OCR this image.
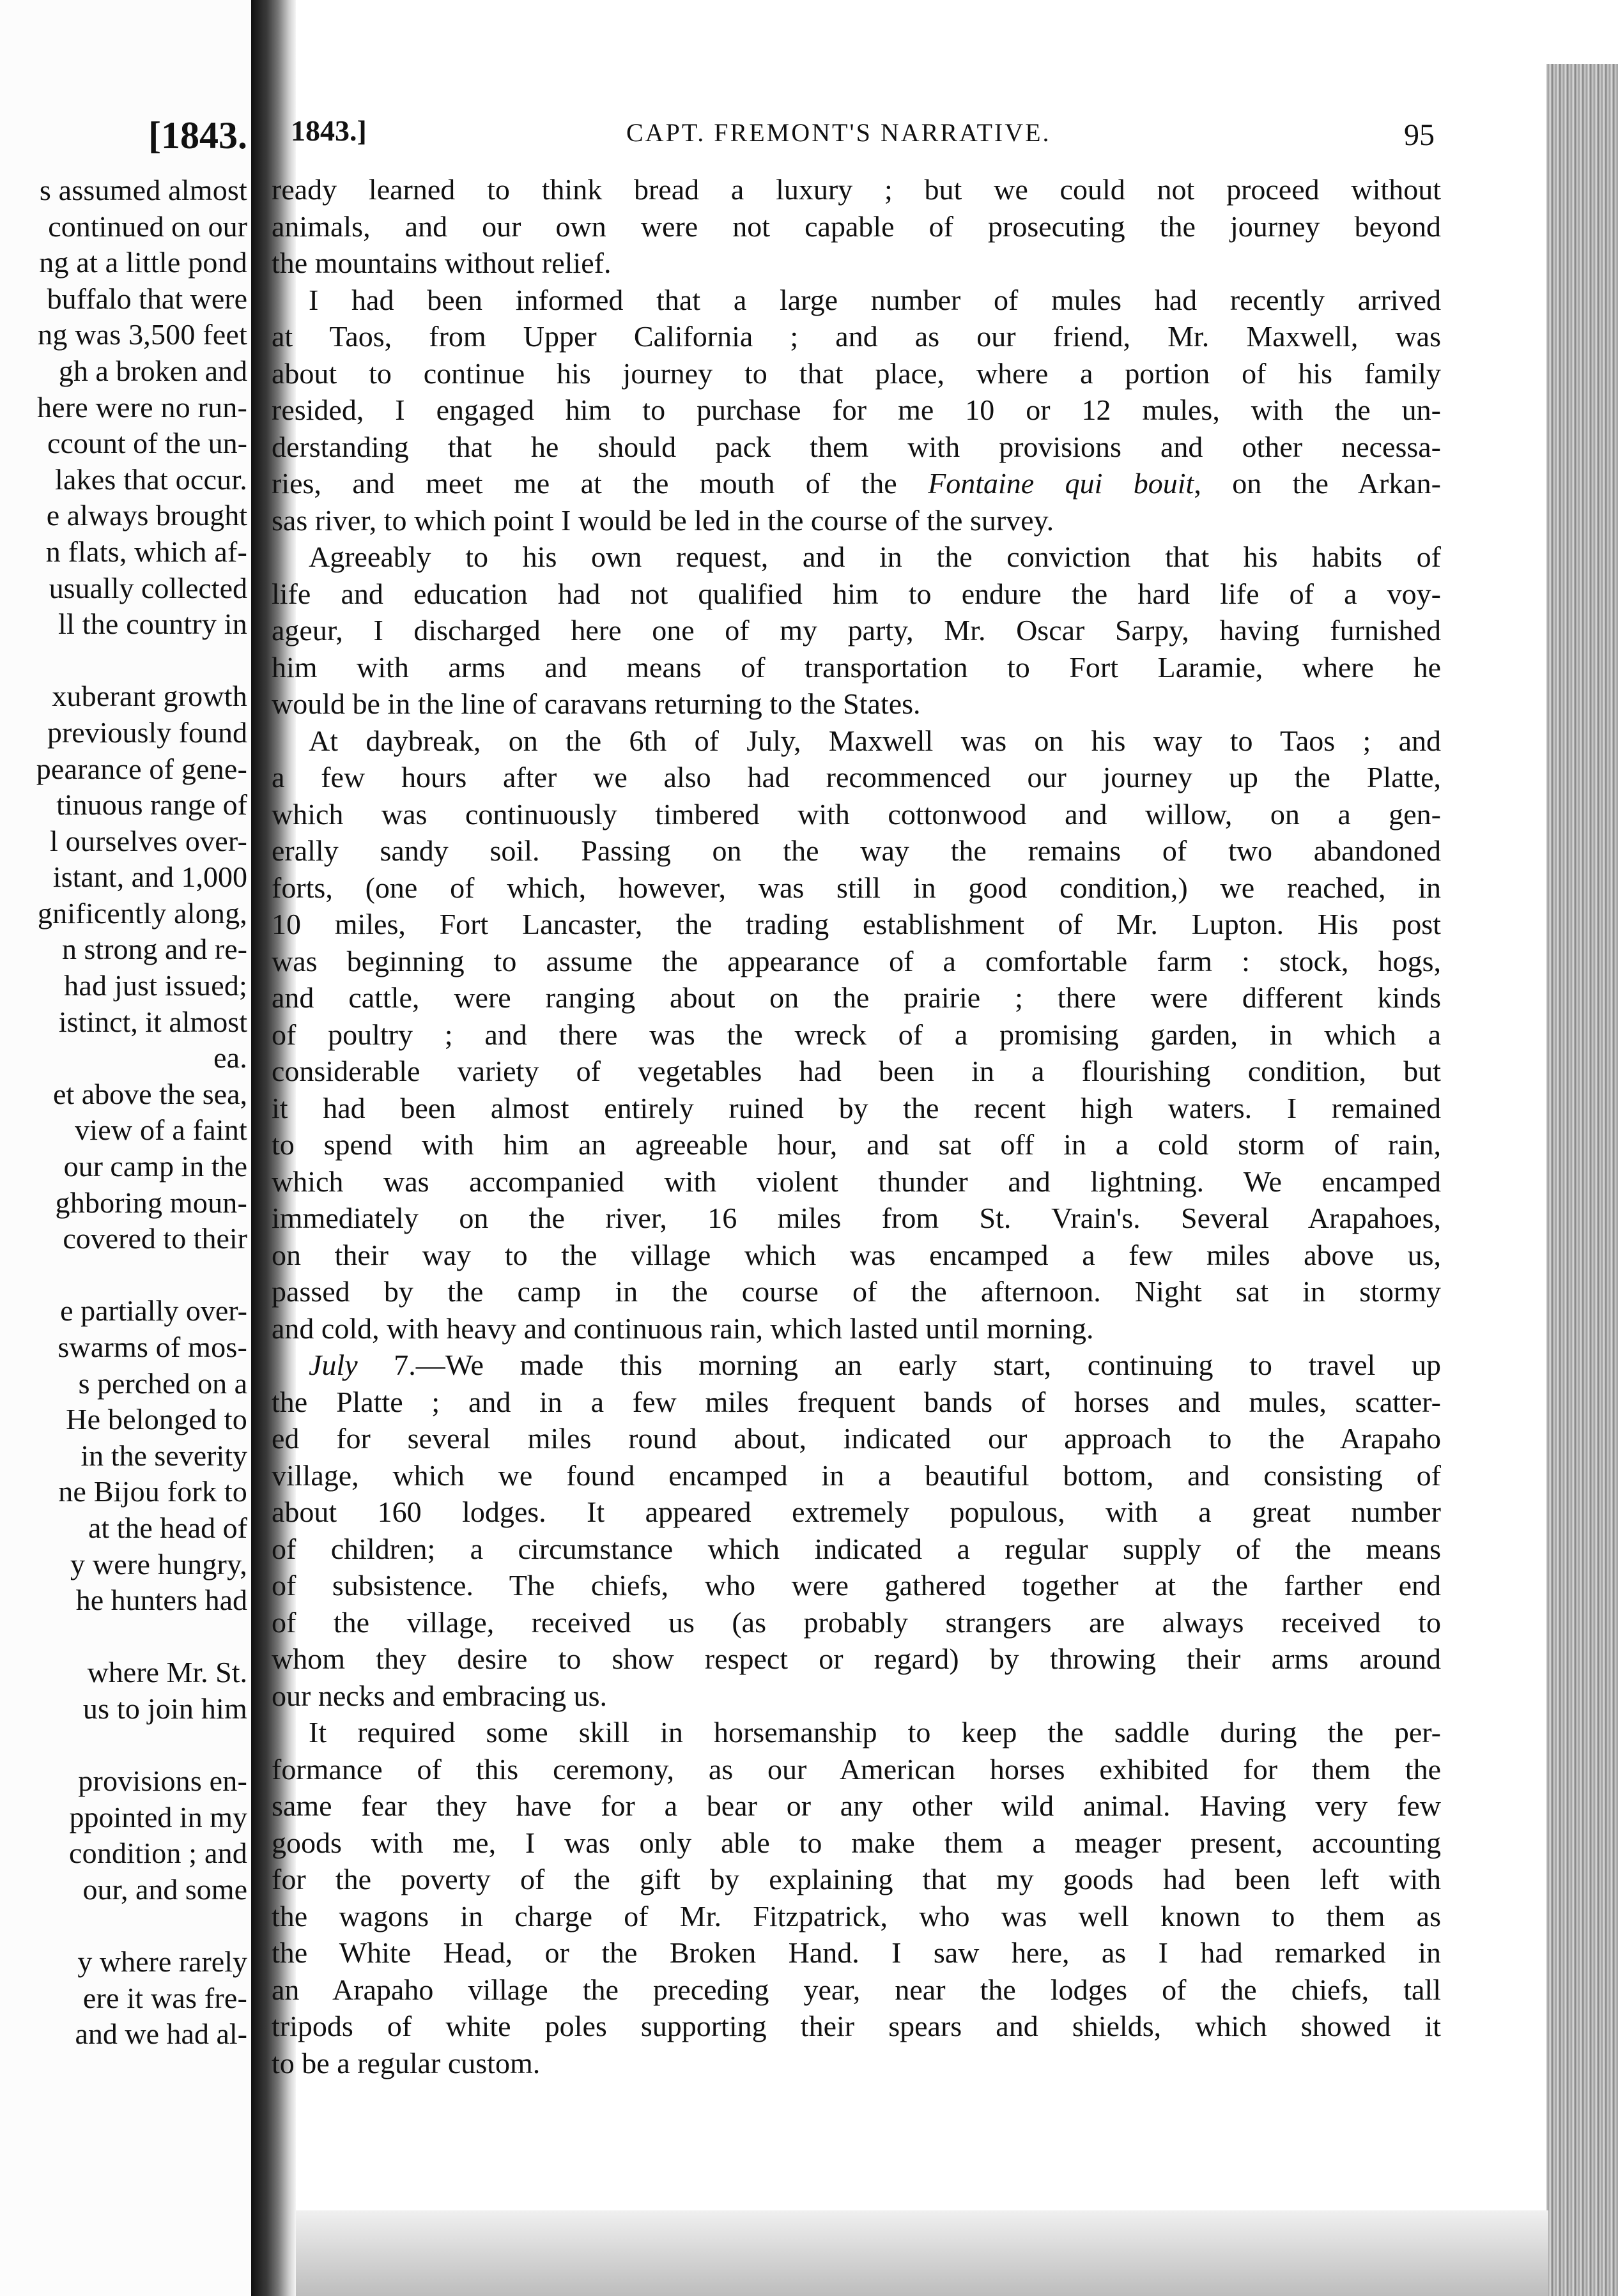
[1843.
s assumed almost
continued on our
ng at a little pond
buffalo that were
ng was 3,500 feet
gh a broken and
here were no run-
ccount of the un-
lakes that occur.
e always brought
n flats, which af-
usually collected
ll the country in
xuberant growth
previously found
pearance of gene-
tinuous range of
l ourselves over-
istant, and 1,000
gnificently along,
n strong and re-
had just issued;
istinct, it almost
ea.
et above the sea,
view of a faint
our camp in the
ghboring moun-
covered to their
e partially over-
swarms of mos-
s perched on a
He belonged to
in the severity
ne Bijou fork to
at the head of
y were hungry,
he hunters had
where Mr. St.
us to join him
provisions en-
ppointed in my
condition ; and
our, and some
y where rarely
ere it was fre-
and we had al-
1843.]	CAPT. FREMONT'S NARRATIVE.	95
ready learned to think bread a luxury ; but we could not proceed without
animals, and our own were not capable of prosecuting the journey beyond
the mountains without relief.
I had been informed that a large number of mules had recently arrived
at Taos, from Upper California ; and as our friend, Mr. Maxwell, was
about to continue his journey to that place, where a portion of his family
resided, I engaged him to purchase for me 10 or 12 mules, with the un-
derstanding that he should pack them with provisions and other necessa-
ries, and meet me at the mouth of the Fontaine qui bouit, on the Arkan-
sas river, to which point I would be led in the course of the survey.
Agreeably to his own request, and in the conviction that his habits of
life and education had not qualified him to endure the hard life of a voy-
ageur, I discharged here one of my party, Mr. Oscar Sarpy, having furnished
him with arms and means of transportation to Fort Laramie, where he
would be in the line of caravans returning to the States.
At daybreak, on the 6th of July, Maxwell was on his way to Taos ; and
a few hours after we also had recommenced our journey up the Platte,
which was continuously timbered with cottonwood and willow, on a gen-
erally sandy soil. Passing on the way the remains of two abandoned
forts, (one of which, however, was still in good condition,) we reached, in
10 miles, Fort Lancaster, the trading establishment of Mr. Lupton. His post
was beginning to assume the appearance of a comfortable farm : stock, hogs,
and cattle, were ranging about on the prairie ; there were different kinds
of poultry ; and there was the wreck of a promising garden, in which a
considerable variety of vegetables had been in a flourishing condition, but
it had been almost entirely ruined by the recent high waters. I remained
to spend with him an agreeable hour, and sat off in a cold storm of rain,
which was accompanied with violent thunder and lightning. We encamped
immediately on the river, 16 miles from St. Vrain's. Several Arapahoes,
on their way to the village which was encamped a few miles above us,
passed by the camp in the course of the afternoon. Night sat in stormy
and cold, with heavy and continuous rain, which lasted until morning.
July 7.—We made this morning an early start, continuing to travel up
the Platte ; and in a few miles frequent bands of horses and mules, scatter-
ed for several miles round about, indicated our approach to the Arapaho
village, which we found encamped in a beautiful bottom, and consisting of
about 160 lodges. It appeared extremely populous, with a great number
of children; a circumstance which indicated a regular supply of the means
of subsistence. The chiefs, who were gathered together at the farther end
of the village, received us (as probably strangers are always received to
whom they desire to show respect or regard) by throwing their arms around
our necks and embracing us.
It required some skill in horsemanship to keep the saddle during the per-
formance of this ceremony, as our American horses exhibited for them the
same fear they have for a bear or any other wild animal. Having very few
goods with me, I was only able to make them a meager present, accounting
for the poverty of the gift by explaining that my goods had been left with
the wagons in charge of Mr. Fitzpatrick, who was well known to them as
the White Head, or the Broken Hand. I saw here, as I had remarked in
an Arapaho village the preceding year, near the lodges of the chiefs, tall
tripods of white poles supporting their spears and shields, which showed it
to be a regular custom.
